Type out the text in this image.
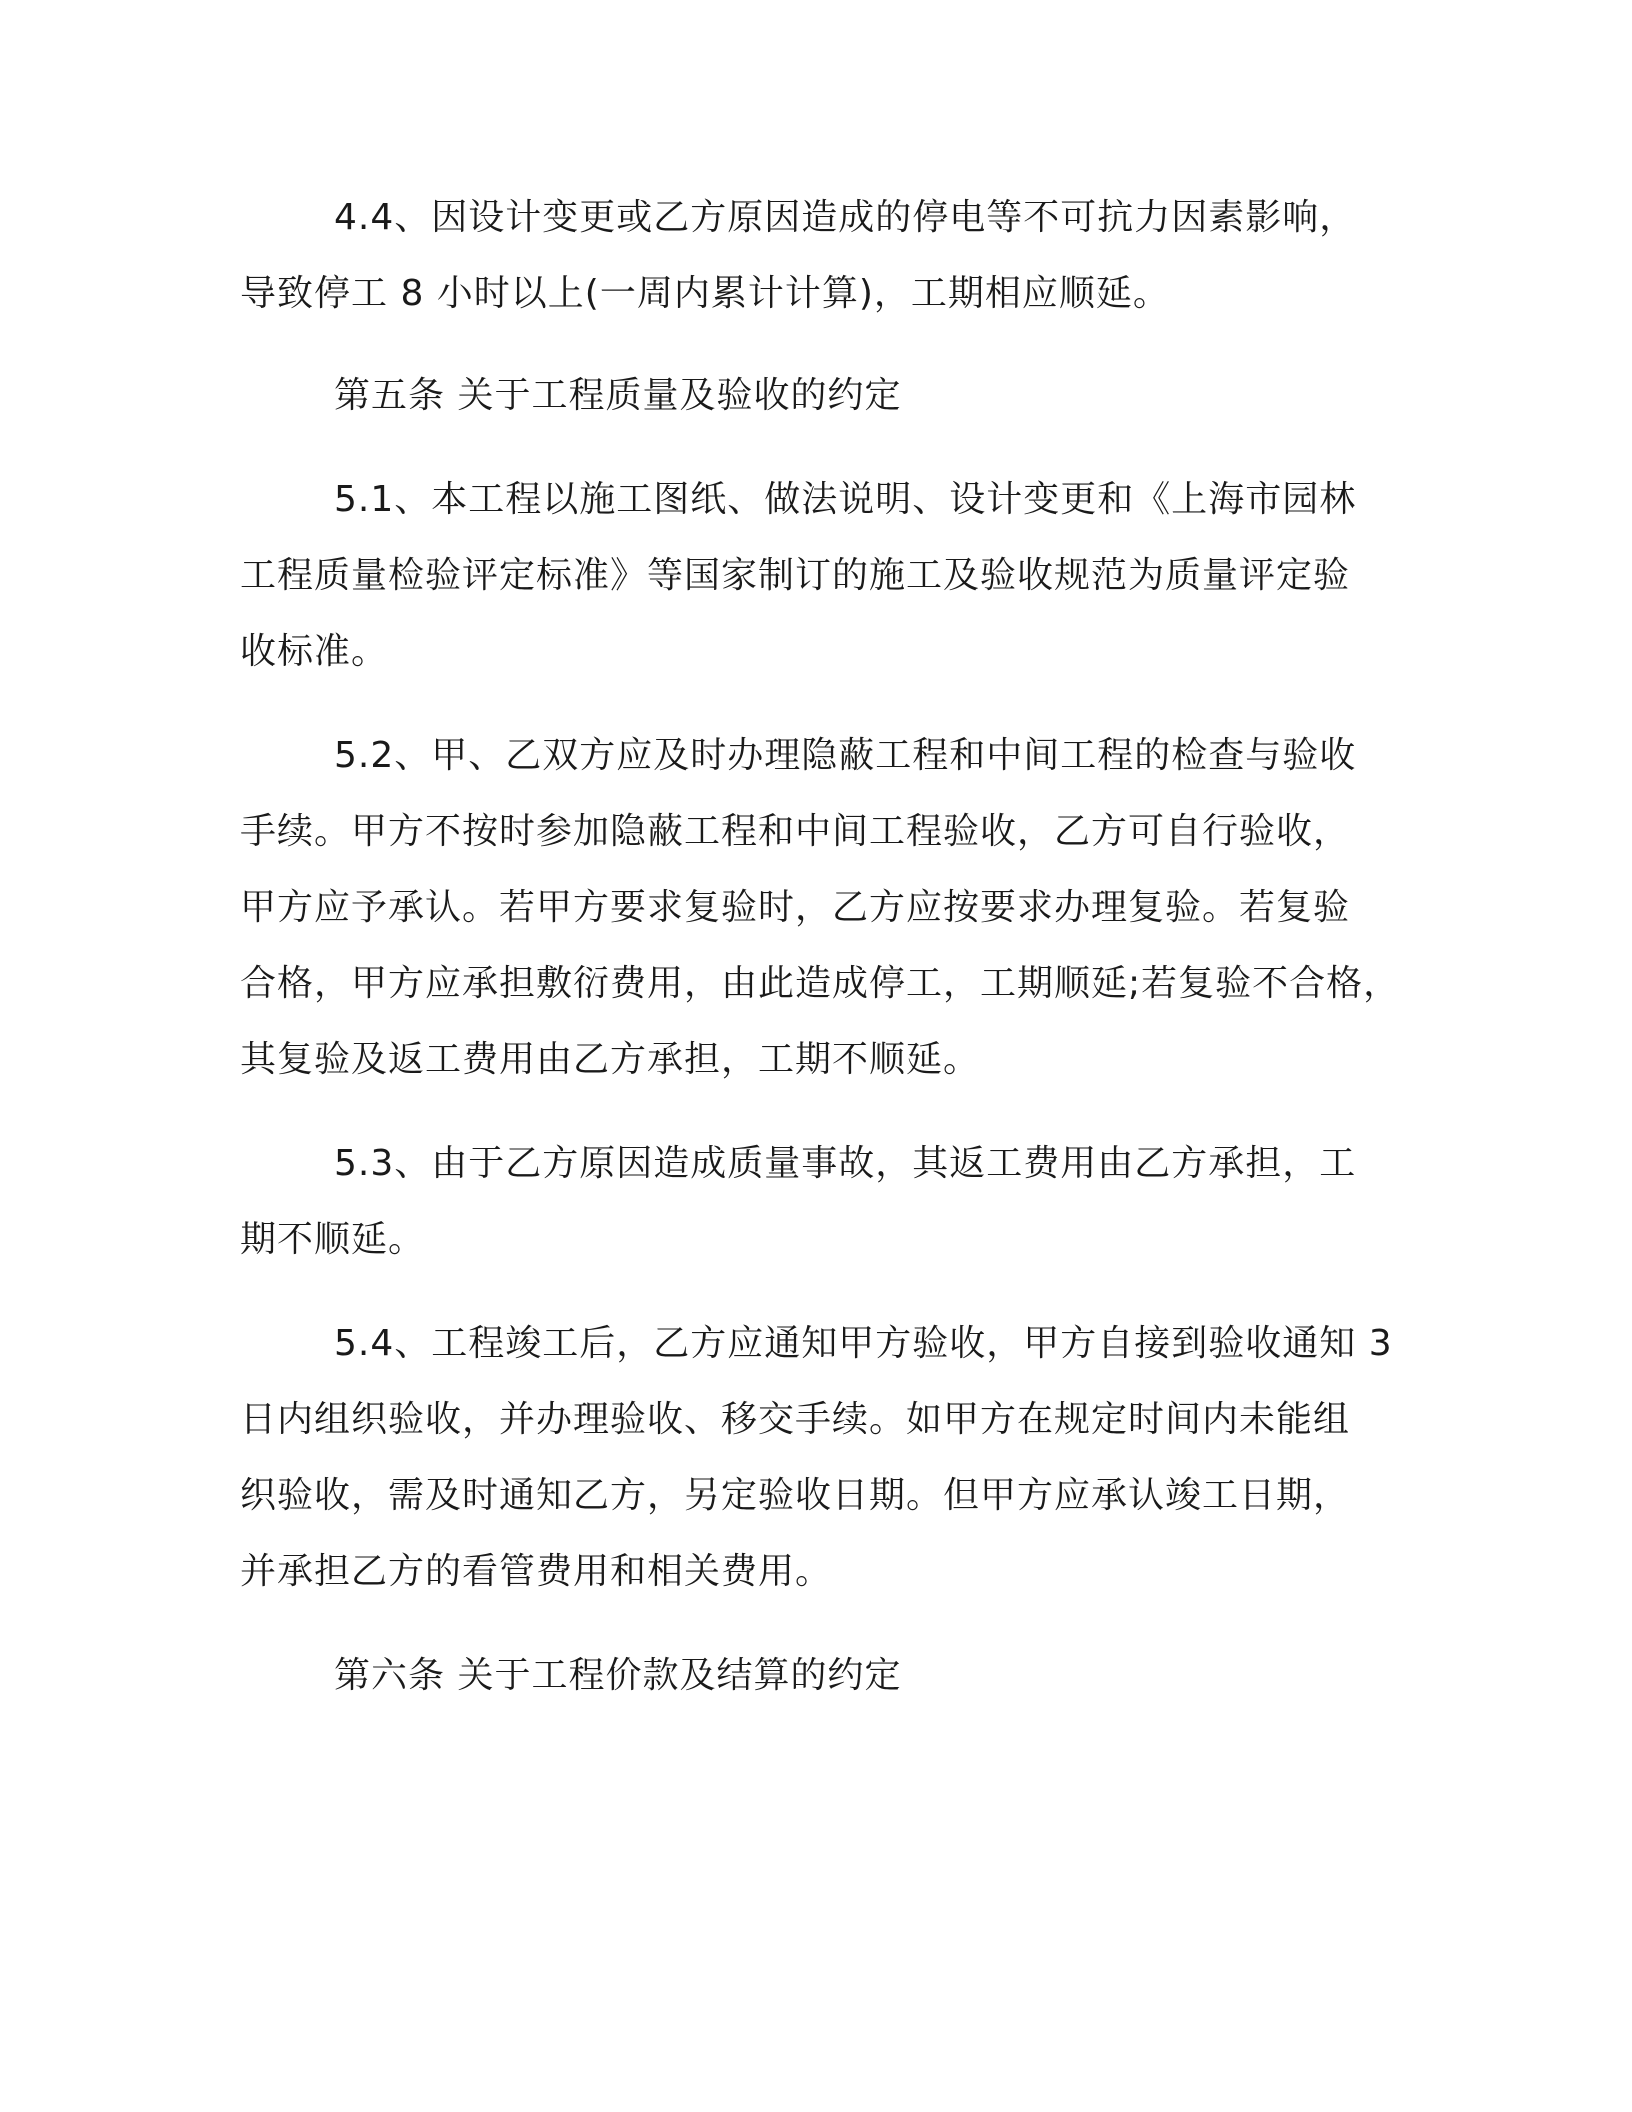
4.4、因设计变更或乙方原因造成的停电等不可抗力因素影响，
导致停工 8 小时以上(一周内累计计算)，工期相应顺延。
第五条 关于工程质量及验收的约定
5.1、本工程以施工图纸、做法说明、设计变更和《上海市园林
工程质量检验评定标准》等国家制订的施工及验收规范为质量评定验
收标准。
5.2、甲、乙双方应及时办理隐蔽工程和中间工程的检查与验收
手续。甲方不按时参加隐蔽工程和中间工程验收，乙方可自行验收，
甲方应予承认。若甲方要求复验时，乙方应按要求办理复验。若复验
合格，甲方应承担敷衍费用，由此造成停工，工期顺延;若复验不合格，
其复验及返工费用由乙方承担，工期不顺延。
5.3、由于乙方原因造成质量事故，其返工费用由乙方承担，工
期不顺延。
5.4、工程竣工后，乙方应通知甲方验收，甲方自接到验收通知 3
日内组织验收，并办理验收、移交手续。如甲方在规定时间内未能组
织验收，需及时通知乙方，另定验收日期。但甲方应承认竣工日期，
并承担乙方的看管费用和相关费用。
第六条 关于工程价款及结算的约定
